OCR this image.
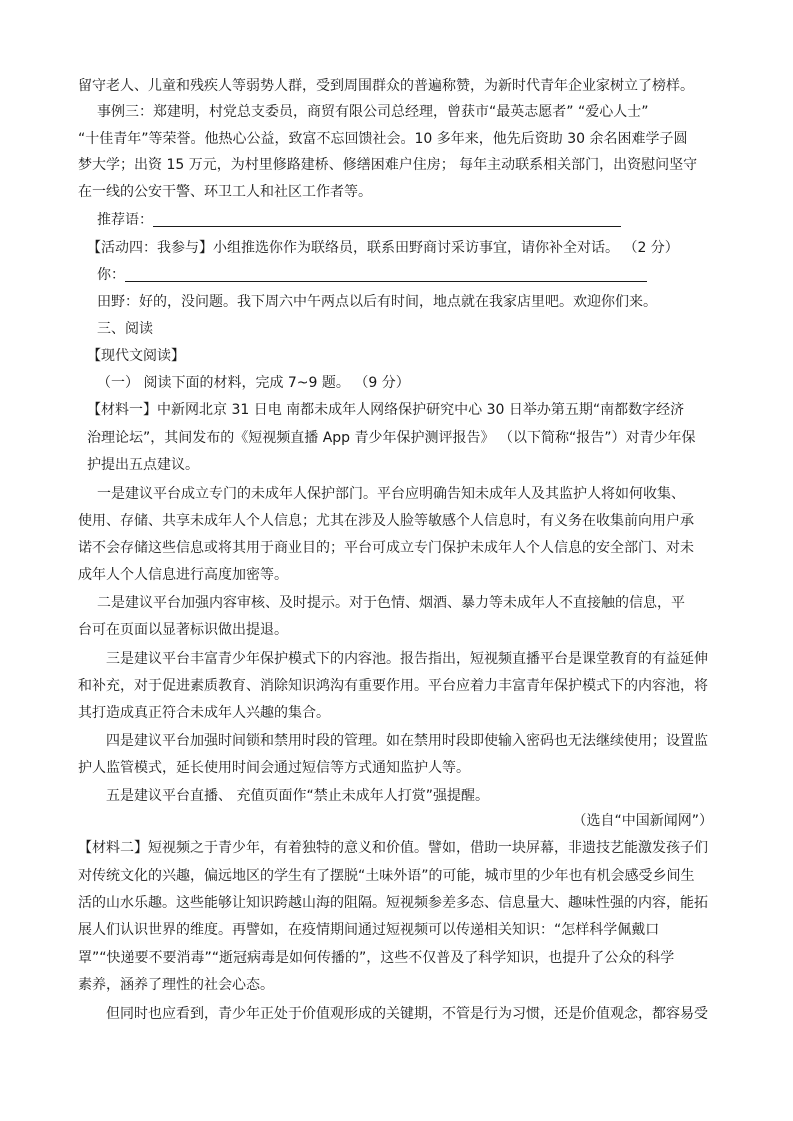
留守老人、儿童和残疾人等弱势人群，受到周围群众的普遍称赞，为新时代青年企业家树立了榜样。
事例三：郑建明，村党总支委员，商贸有限公司总经理，曾获市“最英志愿者” “爱心人士”
“十佳青年”等荣誉。他热心公益，致富不忘回馈社会。10 多年来，他先后资助 30 余名困难学子圆
梦大学；出资 15 万元，为村里修路建桥、修缮困难户住房； 每年主动联系相关部门，出资慰问坚守
在一线的公安干警、环卫工人和社区工作者等。
推荐语：
【活动四：我参与】小组推选你作为联络员，联系田野商讨采访事宜，请你补全对话。 （2 分）
你：
田野：好的，没问题。我下周六中午两点以后有时间，地点就在我家店里吧。欢迎你们来。
三、阅读
【现代文阅读】
（一） 阅读下面的材料，完成 7~9 题。 （9 分）
【材料一】中新网北京 31 日电 南都未成年人网络保护研究中心 30 日举办第五期“南都数字经济
治理论坛”，其间发布的《短视频直播 App 青少年保护测评报告》 （以下简称“报告”）对青少年保
护提出五点建议。
一是建议平台成立专门的未成年人保护部门。平台应明确告知未成年人及其监护人将如何收集、
使用、存储、共享未成年人个人信息；尤其在涉及人脸等敏感个人信息时，有义务在收集前向用户承
诺不会存储这些信息或将其用于商业目的；平台可成立专门保护未成年人个人信息的安全部门、对未
成年人个人信息进行高度加密等。
二是建议平台加强内容审核、及时提示。对于色情、烟酒、暴力等未成年人不直接触的信息，平
台可在页面以显著标识做出提退。
三是建议平台丰富青少年保护模式下的内容池。报告指出，短视频直播平台是课堂教育的有益延伸
和补充，对于促进素质教育、消除知识鸿沟有重要作用。平台应着力丰富青年保护模式下的内容池，将
其打造成真正符合未成年人兴趣的集合。
四是建议平台加强时间锁和禁用时段的管理。如在禁用时段即使输入密码也无法继续使用；设置监
护人监管模式，延长使用时间会通过短信等方式通知监护人等。
五是建议平台直播、 充值页面作“禁止未成年人打赏”强提醒。
（选自“中国新闻网”）
【材料二】短视频之于青少年，有着独特的意义和价值。譬如，借助一块屏幕，非遗技艺能激发孩子们
对传统文化的兴趣，偏远地区的学生有了摆脱“土味外语”的可能，城市里的少年也有机会感受乡间生
活的山水乐趣。这些能够让知识跨越山海的阻隔。短视频参差多态、信息量大、趣味性强的内容，能拓
展人们认识世界的维度。再譬如，在疫情期间通过短视频可以传递相关知识：“怎样科学佩戴口
罩”“快递要不要消毒”“逝冠病毒是如何传播的”，这些不仅普及了科学知识，也提升了公众的科学
素养，涵养了理性的社会心态。
但同时也应看到，青少年正处于价值观形成的关键期，不管是行为习惯，还是价值观念，都容易受
